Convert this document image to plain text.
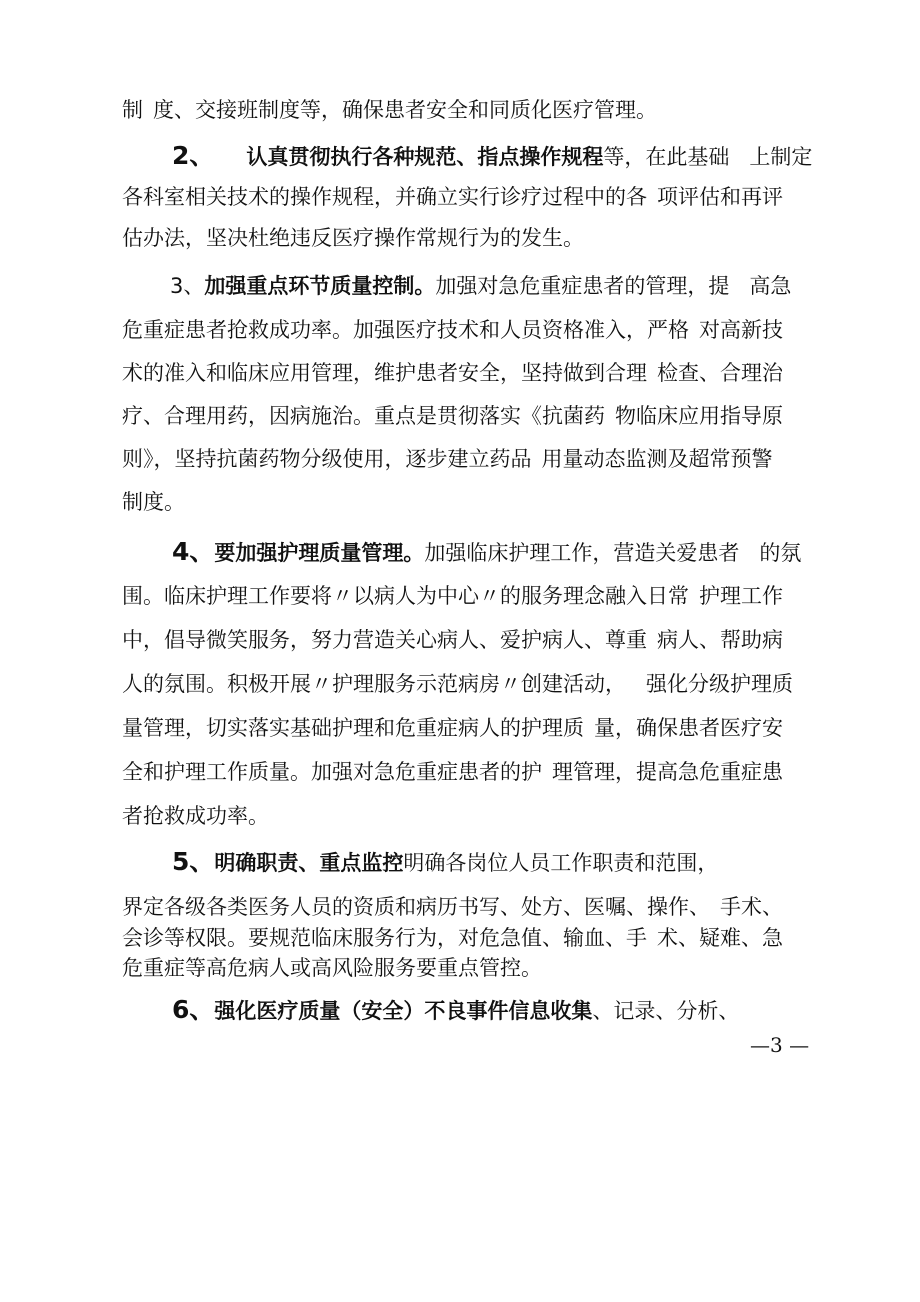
制 度、交接班制度等，确保患者安全和同质化医疗管理。

2、 认真贯彻执行各种规范、指点操作规程等，在此基础 上制定

各科室相关技术的操作规程，并确立实行诊疗过程中的各 项评估和再评

估办法，坚决杜绝违反医疗操作常规行为的发生。

3、加强重点环节质量控制。加强对急危重症患者的管理，提 高急

危重症患者抢救成功率。加强医疗技术和人员资格准入，严格 对高新技

术的准入和临床应用管理，维护患者安全，坚持做到合理 检查、合理治

疗、合理用药，因病施治。重点是贯彻落实《抗菌药 物临床应用指导原

则》，坚持抗菌药物分级使用，逐步建立药品 用量动态监测及超常预警

制度。

4、要加强护理质量管理。加强临床护理工作，营造关爱患者 的氛

围。临床护理工作要将〃以病人为中心〃的服务理念融入日常 护理工作

中，倡导微笑服务，努力营造关心病人、爱护病人、尊重 病人、帮助病

人的氛围。积极开展〃护理服务示范病房〃创建活动， 强化分级护理质

量管理，切实落实基础护理和危重症病人的护理质 量，确保患者医疗安

全和护理工作质量。加强对急危重症患者的护 理管理，提高急危重症患

者抢救成功率。

5、明确职责、重点监控明确各岗位人员工作职责和范围，

界定各级各类医务人员的资质和病历书写、处方、医嘱、操作、 手术、

会诊等权限。要规范临床服务行为，对危急值、输血、手 术、疑难、急

危重症等高危病人或高风险服务要重点管控。

6、强化医疗质量（安全）不良事件信息收集、记录、分析、

—3 —
